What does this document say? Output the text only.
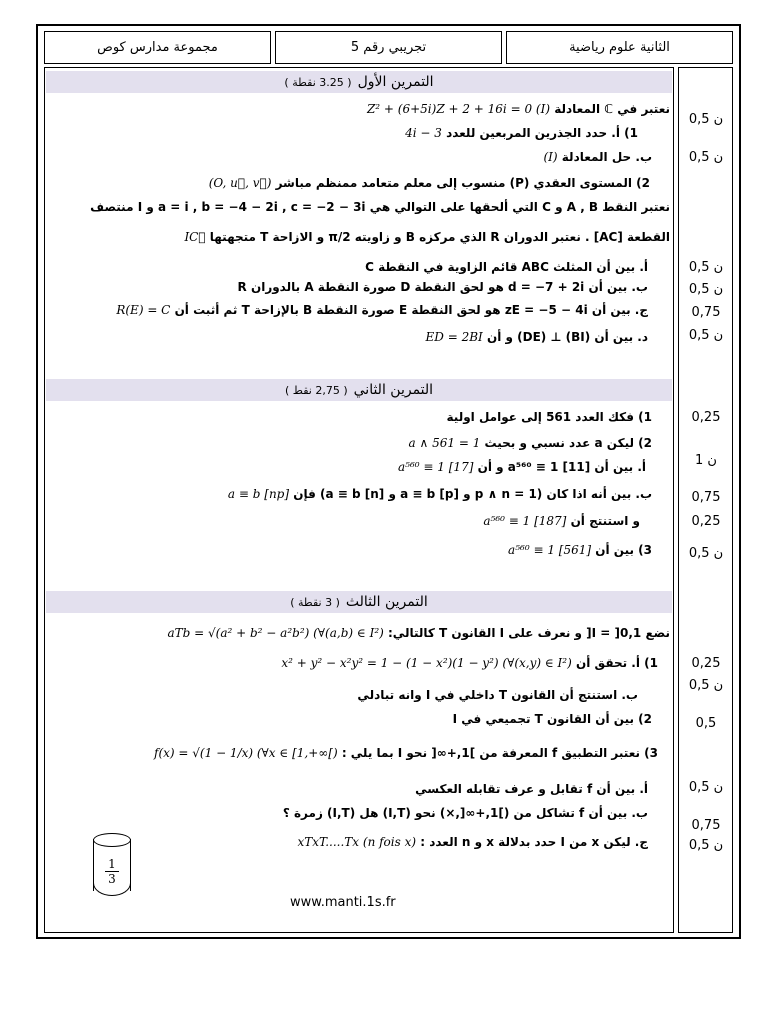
مجموعة مدارس كوص	تجريبي رقم 5	الثانية علوم رياضية
التمرين الأول
( 3.25 نقطة )
التمرين الثاني
( 2,75 نقط )
التمرين الثالث
( 3 نقطة )
نعتبر في ℂ المعادلة (I) Z² + (6+5i)Z + 2 + 16i = 0
1) أ. حدد الجذرين المربعين للعدد 3 − 4i
ب. حل المعادلة (I)
2) المستوى العقدي (P) منسوب إلى معلم متعامد ممنظم مباشر (O, u⃗, v⃗)
نعتبر النقط A , B و C التي ألحقها على التوالي هي a = i , b = −4 − 2i , c = −2 − 3i و I منتصف
القطعة [AC] . نعتبر الدوران R الذي مركزه B و زاويته π/2 و الازاحة T متجهتها IC⃗
أ. بين أن المثلث ABC قائم الزاوية في النقطة C
ب. بين أن d = −7 + 2i هو لحق النقطة D صورة النقطة A بالدوران R
ج. بين أن zE = −5 − 4i هو لحق النقطة E صورة النقطة B بالإزاحة T ثم أثبت أن R(E) = C
د. بين أن (BI) ⊥ (DE) و أن ED = 2BI
1) فكك العدد 561 إلى عوامل اولية
2) ليكن a عدد نسبي و بحيث a ∧ 561 = 1
أ. بين أن a⁵⁶⁰ ≡ 1 [11] و أن a⁵⁶⁰ ≡ 1 [17]
ب. بين أنه اذا كان (p ∧ n = 1 و a ≡ b [p] و a ≡ b [n]) فإن a ≡ b [np]
و استنتج أن a⁵⁶⁰ ≡ 1 [187]
3) بين أن a⁵⁶⁰ ≡ 1 [561]
نضع I = ]0,1[ و نعرف على I القانون T كالتالي: aTb = √(a² + b² − a²b²) (∀(a,b) ∈ I²)
1) أ. تحقق أن x² + y² − x²y² = 1 − (1 − x²)(1 − y²) (∀(x,y) ∈ I²)
ب. استنتج أن القانون T داخلي في I وانه تبادلي
2) بين أن القانون T تجميعي في I
3) نعتبر التطبيق f المعرفة من ]1,+∞[ نحو I بما يلي : f(x) = √(1 − 1/x) (∀x ∈ [1,+∞[)
أ. بين أن f تقابل و عرف تقابله العكسي
ب. بين أن f تشاكل من (]1,+∞[,×) نحو (I,T) هل (I,T) زمرة ؟
ج. ليكن x من I حدد بدلالة x و n العدد : xTxT.....Tx (n fois x)
0,5 ن
0,5 ن
0,5 ن
0,5 ن
0,75
0,5 ن
0,25
1 ن
0,75
0,25
0,5 ن
0,25
0,5 ن
0,5
0,5 ن
0,75
0,5 ن
$\frac{1}{3}$
www.manti.1s.fr
